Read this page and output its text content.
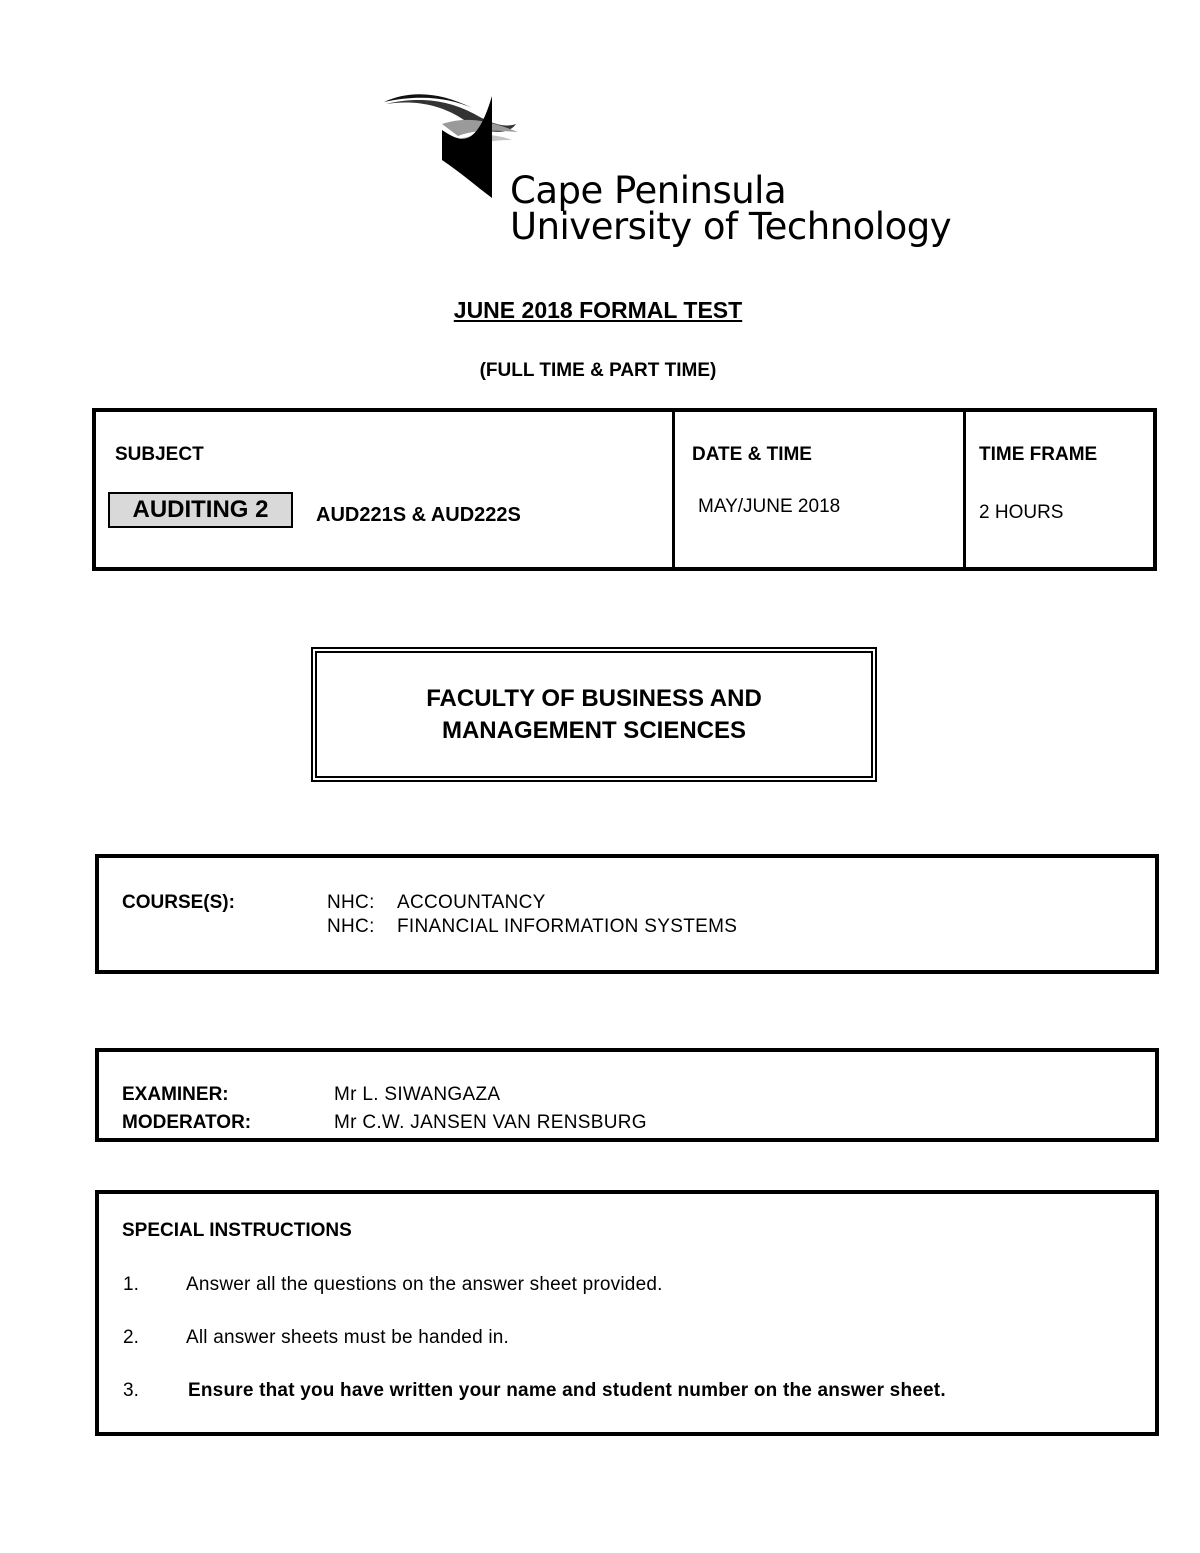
Cape Peninsula
University of Technology
JUNE 2018 FORMAL TEST
(FULL TIME & PART TIME)
SUBJECT
AUDITING 2	AUD221S & AUD222S
DATE & TIME
MAY/JUNE 2018
TIME FRAME
2 HOURS
FACULTY OF BUSINESS AND
MANAGEMENT SCIENCES
COURSE(S):	NHC: ACCOUNTANCY
NHC: FINANCIAL INFORMATION SYSTEMS
EXAMINER:	Mr L. SIWANGAZA
MODERATOR:	Mr C.W. JANSEN VAN RENSBURG
SPECIAL INSTRUCTIONS
1. Answer all the questions on the answer sheet provided.
2. All answer sheets must be handed in.
3.	Ensure that you have written your name and student number on the answer sheet.
